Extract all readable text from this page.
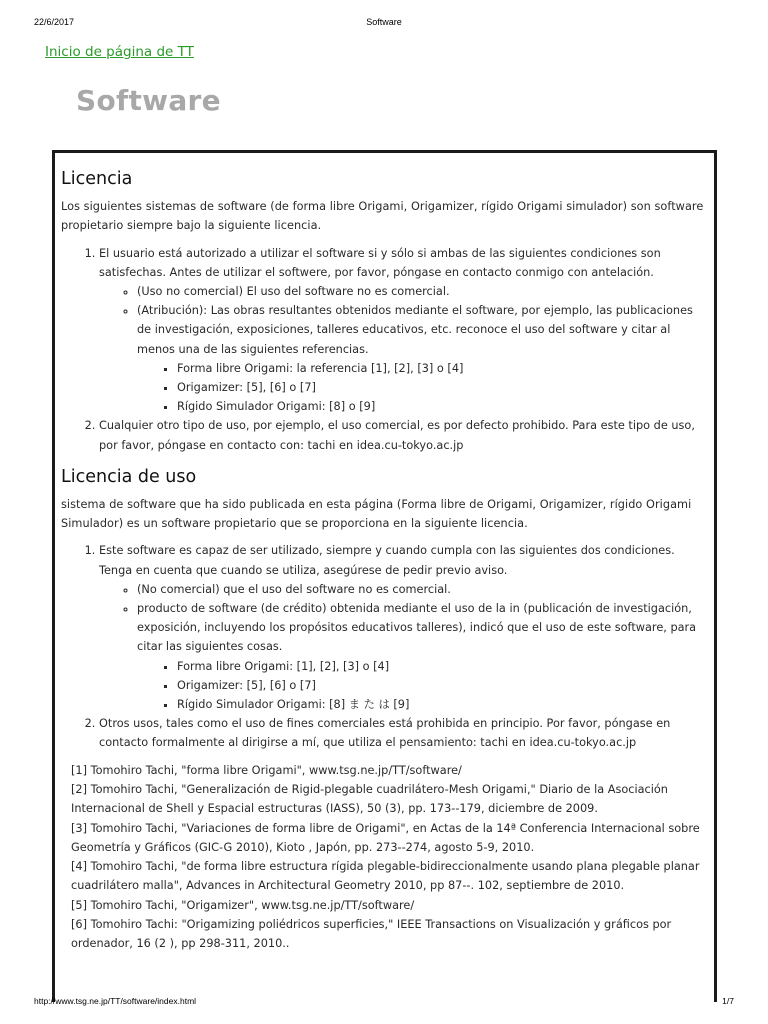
22/6/2017	Software
Inicio de página de TT
Software
Licencia

Los siguientes sistemas de software (de forma libre Origami, Origamizer, rígido Origami simulador) son software propietario siempre bajo la siguiente licencia.

1. El usuario está autorizado a utilizar el software si y sólo si ambas de las siguientes condiciones son satisfechas. Antes de utilizar el softwere, por favor, póngase en contacto conmigo con antelación.
◦ (Uso no comercial) El uso del software no es comercial.
◦ (Atribución): Las obras resultantes obtenidos mediante el software, por ejemplo, las publicaciones de investigación, exposiciones, talleres educativos, etc. reconoce el uso del software y citar al menos una de las siguientes referencias.
▪ Forma libre Origami: la referencia [1], [2], [3] o [4]
▪ Origamizer: [5], [6] o [7]
▪ Rígido Simulador Origami: [8] o [9]
2. Cualquier otro tipo de uso, por ejemplo, el uso comercial, es por defecto prohibido. Para este tipo de uso, por favor, póngase en contacto con: tachi en idea.cu-tokyo.ac.jp
Licencia de uso

sistema de software que ha sido publicada en esta página (Forma libre de Origami, Origamizer, rígido Origami Simulador) es un software propietario que se proporciona en la siguiente licencia.

1. Este software es capaz de ser utilizado, siempre y cuando cumpla con las siguientes dos condiciones. Tenga en cuenta que cuando se utiliza, asegúrese de pedir previo aviso.
◦ (No comercial) que el uso del software no es comercial.
◦ producto de software (de crédito) obtenida mediante el uso de la in (publicación de investigación, exposición, incluyendo los propósitos educativos talleres), indicó que el uso de este software, para citar las siguientes cosas.
▪ Forma libre Origami: [1], [2], [3] o [4]
▪ Origamizer: [5], [6] o [7]
▪ Rígido Simulador Origami: [8] ま た は [9]
2. Otros usos, tales como el uso de fines comerciales está prohibida en principio. Por favor, póngase en contacto formalmente al dirigirse a mí, que utiliza el pensamiento: tachi en idea.cu-tokyo.ac.jp
[1] Tomohiro Tachi, "forma libre Origami", www.tsg.ne.jp/TT/software/
[2] Tomohiro Tachi, "Generalización de Rigid-plegable cuadrilátero-Mesh Origami," Diario de la Asociación Internacional de Shell y Espacial estructuras (IASS), 50 (3), pp. 173--179, diciembre de 2009.
[3] Tomohiro Tachi, "Variaciones de forma libre de Origami", en Actas de la 14ª Conferencia Internacional sobre Geometría y Gráficos (GIC-G 2010), Kioto , Japón, pp. 273--274, agosto 5-9, 2010.
[4] Tomohiro Tachi, "de forma libre estructura rígida plegable-bidireccionalmente usando plana plegable planar cuadrilátero malla", Advances in Architectural Geometry 2010, pp 87--. 102, septiembre de 2010.
[5] Tomohiro Tachi, "Origamizer", www.tsg.ne.jp/TT/software/
[6] Tomohiro Tachi: "Origamizing poliédricos superficies," IEEE Transactions on Visualización y gráficos por ordenador, 16 (2 ), pp 298-311, 2010..
http://www.tsg.ne.jp/TT/software/index.html	1/7
